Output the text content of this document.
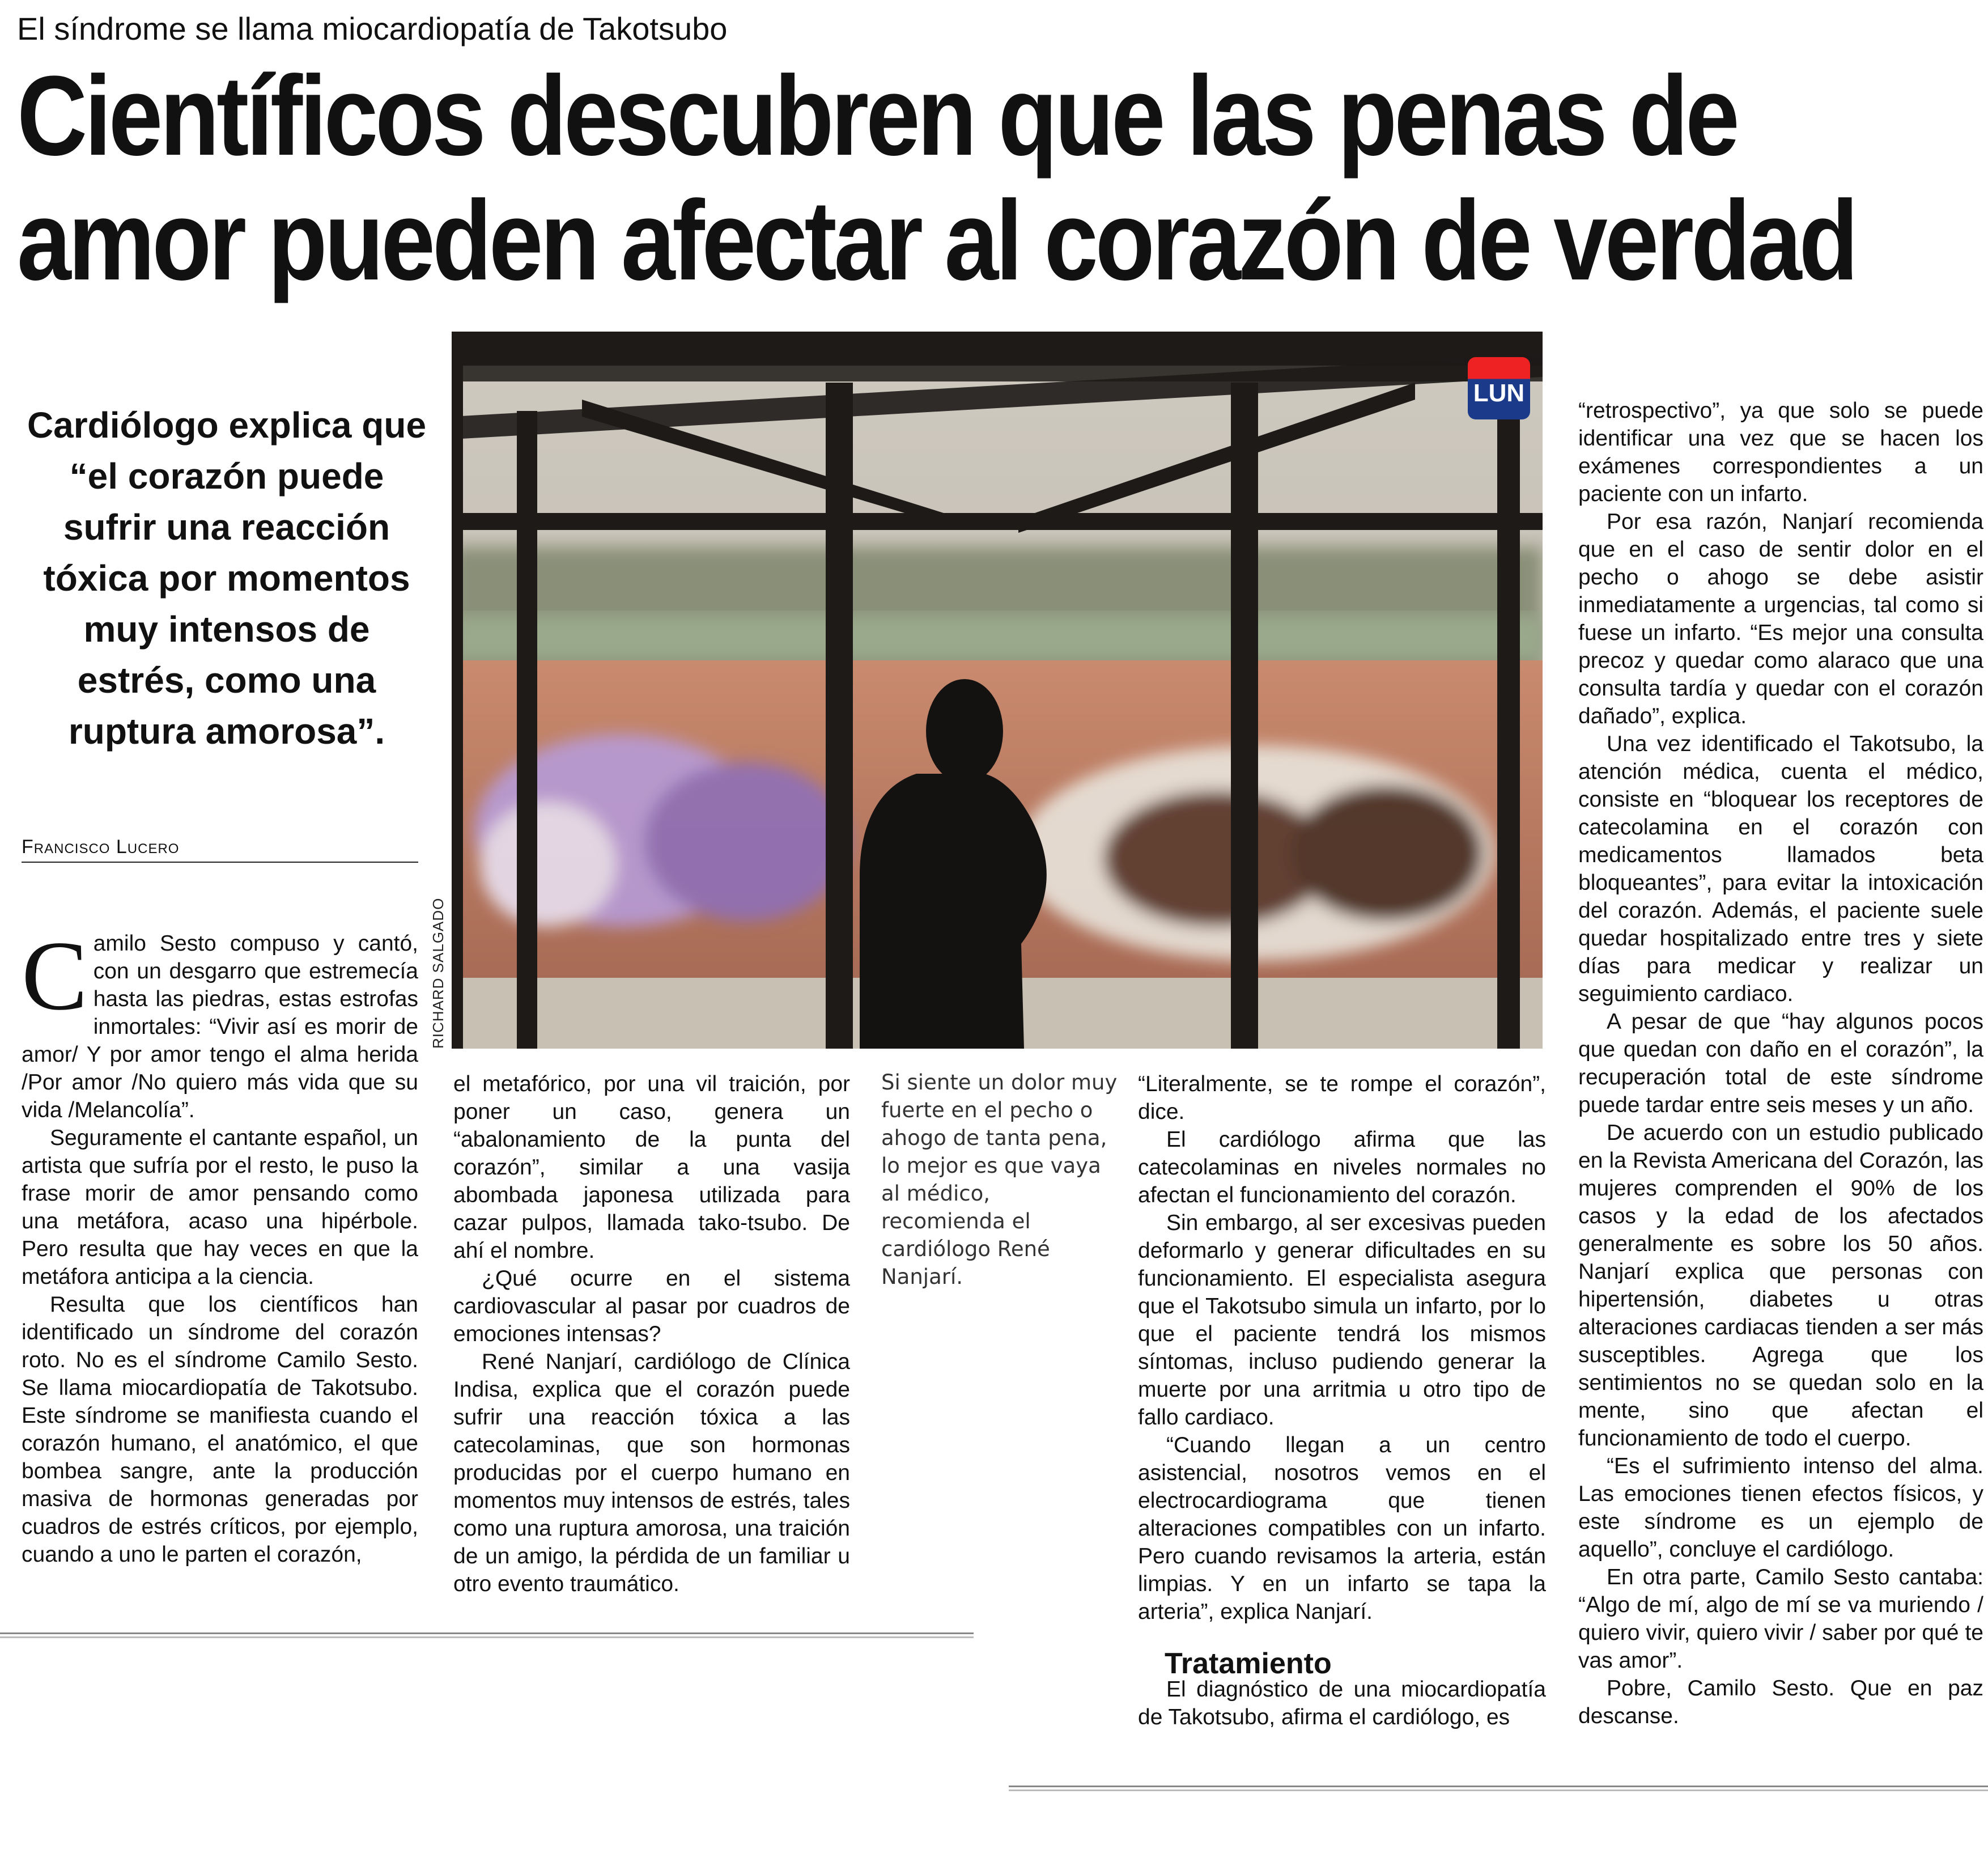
El síndrome se llama miocardiopatía de Takotsubo
Científicos descubren que las penas de
amor pueden afectar al corazón de verdad
Cardiólogo explica que “el corazón puede sufrir una reacción tóxica por momentos muy intensos de estrés, como una ruptura amorosa”.
Francisco Lucero
LUN
RICHARD SALGADO

Camilo Sesto compuso y cantó, con un desgarro que estremecía hasta las piedras, estas estrofas inmortales: “Vivir así es morir de amor/ Y por amor tengo el alma herida /Por amor /No quiero más vida que su vida /Melancolía”.

Seguramente el cantante español, un artista que sufría por el resto, le puso la frase morir de amor pensando como una metáfora, acaso una hipérbole. Pero resulta que hay veces en que la metáfora anticipa a la ciencia.

Resulta que los científicos han identificado un síndrome del corazón roto. No es el síndrome Camilo Sesto. Se llama miocardiopatía de Takotsubo. Este síndrome se manifiesta cuando el corazón humano, el anatómico, el que bombea sangre, ante la producción masiva de hormonas generadas por cuadros de estrés críticos, por ejemplo, cuando a uno le parten el corazón,

el metafórico, por una vil traición, por poner un caso, genera un “abalonamiento de la punta del corazón”, similar a una vasija abombada japonesa utilizada para cazar pulpos, llamada tako-tsubo. De ahí el nombre.

¿Qué ocurre en el sistema cardiovascular al pasar por cuadros de emociones intensas?

René Nanjarí, cardiólogo de Clínica Indisa, explica que el corazón puede sufrir una reacción tóxica a las catecolaminas, que son hormonas producidas por el cuerpo humano en momentos muy intensos de estrés, tales como una ruptura amorosa, una traición de un amigo, la pérdida de un familiar u otro evento traumático.

Si siente un dolor muy fuerte en el pecho o ahogo de tanta pena, lo mejor es que vaya al médico, recomienda el cardiólogo René Nanjarí.

“Literalmente, se te rompe el corazón”, dice.

El cardiólogo afirma que las catecolaminas en niveles normales no afectan el funcionamiento del corazón.

Sin embargo, al ser excesivas pueden deformarlo y generar dificultades en su funcionamiento. El especialista asegura que el Takotsubo simula un infarto, por lo que el paciente tendrá los mismos síntomas, incluso pudiendo generar la muerte por una arritmia u otro tipo de fallo cardiaco.

“Cuando llegan a un centro asistencial, nosotros vemos en el electrocardiograma que tienen alteraciones compatibles con un infarto. Pero cuando revisamos la arteria, están limpias. Y en un infarto se tapa la arteria”, explica Nanjarí.

El diagnóstico de una miocardiopatía de Takotsubo, afirma el cardiólogo, es

Tratamiento

“retrospectivo”, ya que solo se puede identificar una vez que se hacen los exámenes correspondientes a un paciente con un infarto.

Por esa razón, Nanjarí recomienda que en el caso de sentir dolor en el pecho o ahogo se debe asistir inmediatamente a urgencias, tal como si fuese un infarto. “Es mejor una consulta precoz y quedar como alaraco que una consulta tardía y quedar con el corazón dañado”, explica.

Una vez identificado el Takotsubo, la atención médica, cuenta el médico, consiste en “bloquear los receptores de catecolamina en el corazón con medicamentos llamados beta bloqueantes”, para evitar la intoxicación del corazón. Además, el paciente suele quedar hospitalizado entre tres y siete días para medicar y realizar un seguimiento cardiaco.

A pesar de que “hay algunos pocos que quedan con daño en el corazón”, la recuperación total de este síndrome puede tardar entre seis meses y un año.

De acuerdo con un estudio publicado en la Revista Americana del Corazón, las mujeres comprenden el 90% de los casos y la edad de los afectados generalmente es sobre los 50 años. Nanjarí explica que personas con hipertensión, diabetes u otras alteraciones cardiacas tienden a ser más susceptibles. Agrega que los sentimientos no se quedan solo en la mente, sino que afectan el funcionamiento de todo el cuerpo.

“Es el sufrimiento intenso del alma. Las emociones tienen efectos físicos, y este síndrome es un ejemplo de aquello”, concluye el cardiólogo.

En otra parte, Camilo Sesto cantaba: “Algo de mí, algo de mí se va muriendo / quiero vivir, quiero vivir / saber por qué te vas amor”.

Pobre, Camilo Sesto. Que en paz descanse.
